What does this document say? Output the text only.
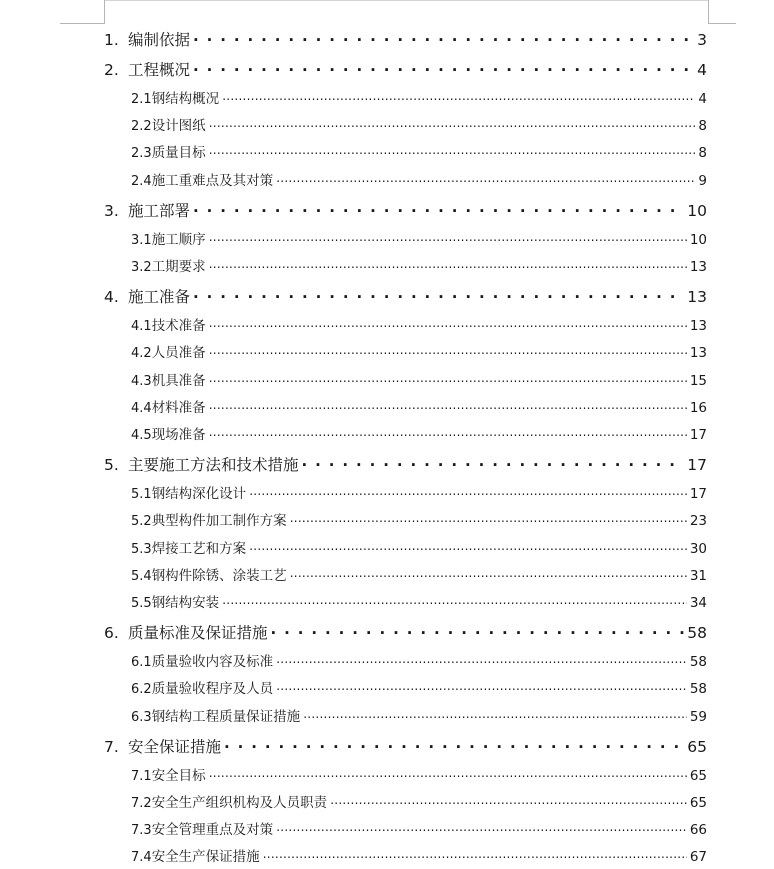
1. 编制依据 . . .	3
2. 工程概况 . . .	4
2.1 钢结构概况 .....	4
2.2 设计图纸 .....	8
2.3 质量目标 .....	8
2.4 施工重难点及其对策 .....	9
3. 施工部署 . . .	10
3.1 施工顺序 .....	10
3.2 工期要求 .....	13
4. 施工准备 . . .	13
4.1 技术准备 .....	13
4.2 人员准备 .....	13
4.3 机具准备 .....	15
4.4 材料准备 .....	16
4.5 现场准备 .....	17
5. 主要施工方法和技术措施 . . .	17
5.1 钢结构深化设计 .....	17
5.2 典型构件加工制作方案 .....	23
5.3 焊接工艺和方案 .....	30
5.4 钢构件除锈、涂装工艺 .....	31
5.5 钢结构安装 .....	34
6. 质量标准及保证措施 . . .	58
6.1 质量验收内容及标准 .....	58
6.2 质量验收程序及人员 .....	58
6.3 钢结构工程质量保证措施 .....	59
7. 安全保证措施 . . .	65
7.1 安全目标 .....	65
7.2 安全生产组织机构及人员职责 .....	65
7.3 安全管理重点及对策 .....	66
7.4 安全生产保证措施 .....	67
